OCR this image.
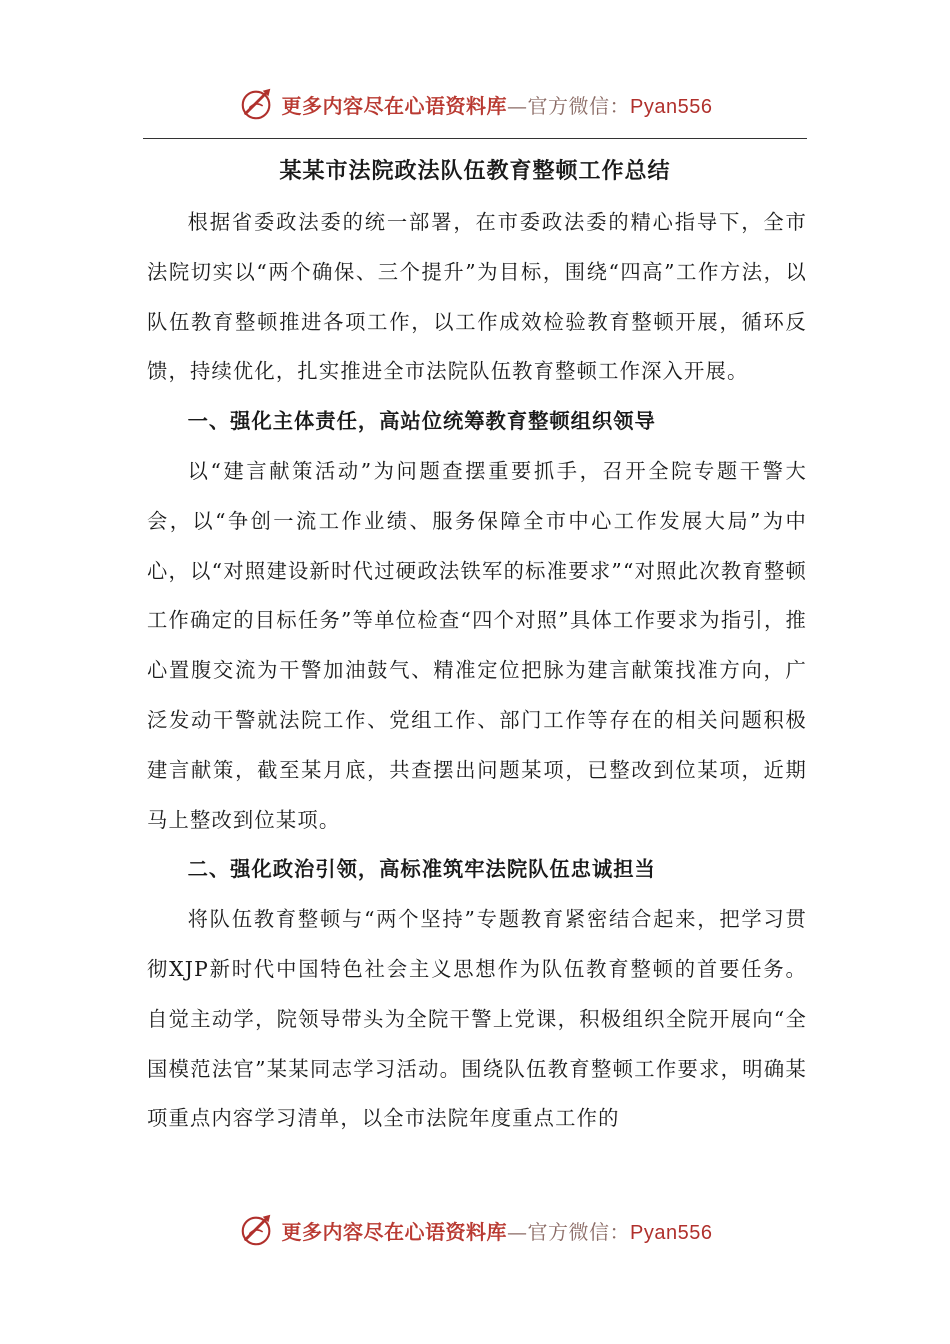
更多内容尽在心语资料库—官方微信：Pyan556
某某市法院政法队伍教育整顿工作总结

根据省委政法委的统一部署，在市委政法委的精心指导下，全市法院切实以“两个确保、三个提升”为目标，围绕“四高”工作方法，以队伍教育整顿推进各项工作，以工作成效检验教育整顿开展，循环反馈，持续优化，扎实推进全市法院队伍教育整顿工作深入开展。

一、强化主体责任，高站位统筹教育整顿组织领导

以“建言献策活动”为问题查摆重要抓手，召开全院专题干警大会，以“争创一流工作业绩、服务保障全市中心工作发展大局”为中心，以“对照建设新时代过硬政法铁军的标准要求”“对照此次教育整顿工作确定的目标任务”等单位检查“四个对照”具体工作要求为指引，推心置腹交流为干警加油鼓气、精准定位把脉为建言献策找准方向，广泛发动干警就法院工作、党组工作、部门工作等存在的相关问题积极建言献策，截至某月底，共查摆出问题某项，已整改到位某项，近期马上整改到位某项。

二、强化政治引领，高标准筑牢法院队伍忠诚担当

将队伍教育整顿与“两个坚持”专题教育紧密结合起来，把学习贯彻XJP新时代中国特色社会主义思想作为队伍教育整顿的首要任务。自觉主动学，院领导带头为全院干警上党课，积极组织全院开展向“全国模范法官”某某同志学习活动。围绕队伍教育整顿工作要求，明确某项重点内容学习清单，以全市法院年度重点工作的

更多内容尽在心语资料库—官方微信：Pyan556
